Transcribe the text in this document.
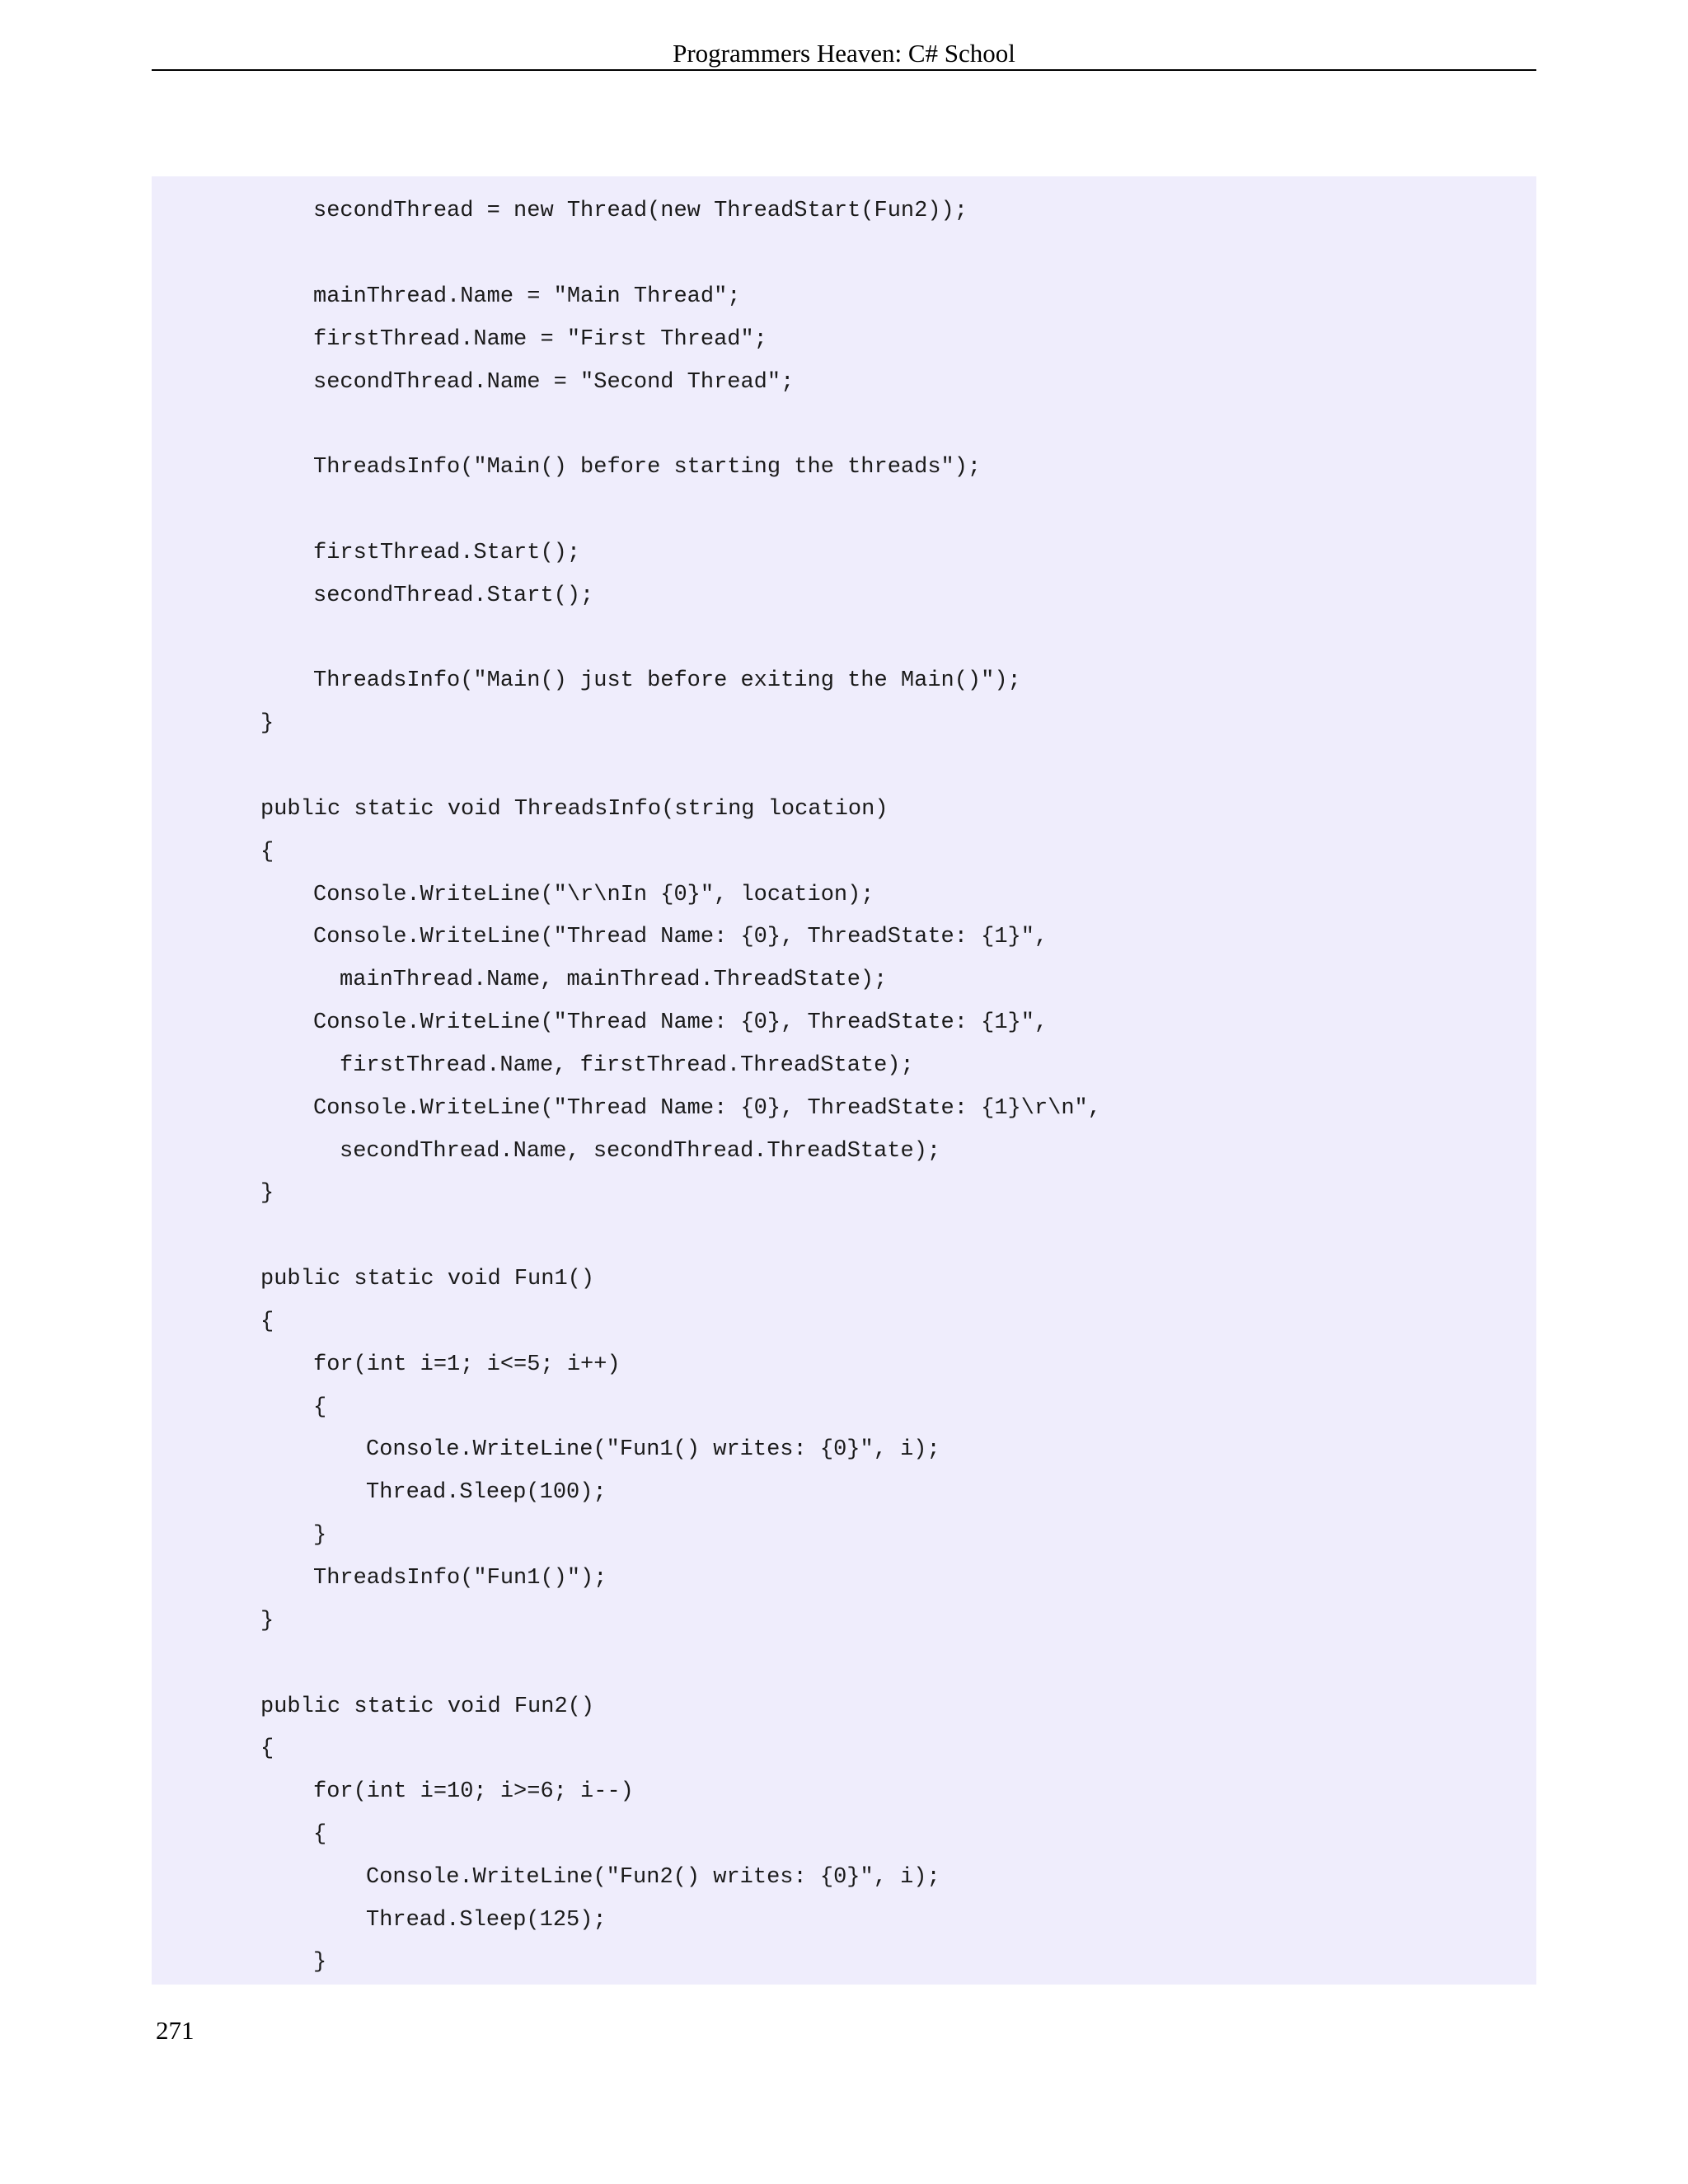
Programmers Heaven: C# School
secondThread = new Thread(new ThreadStart(Fun2));
mainThread.Name = "Main Thread";
firstThread.Name = "First Thread";
secondThread.Name = "Second Thread";
ThreadsInfo("Main() before starting the threads");
firstThread.Start();
secondThread.Start();
ThreadsInfo("Main() just before exiting the Main()");
}
public static void ThreadsInfo(string location)
{
Console.WriteLine("\r\nIn {0}", location);
Console.WriteLine("Thread Name: {0}, ThreadState: {1}",
mainThread.Name, mainThread.ThreadState);
Console.WriteLine("Thread Name: {0}, ThreadState: {1}",
firstThread.Name, firstThread.ThreadState);
Console.WriteLine("Thread Name: {0}, ThreadState: {1}\r\n",
secondThread.Name, secondThread.ThreadState);
}
public static void Fun1()
{
for(int i=1; i<=5; i++)
{
Console.WriteLine("Fun1() writes: {0}", i);
Thread.Sleep(100);
}
ThreadsInfo("Fun1()");
}
public static void Fun2()
{
for(int i=10; i>=6; i--)
{
Console.WriteLine("Fun2() writes: {0}", i);
Thread.Sleep(125);
}
271
